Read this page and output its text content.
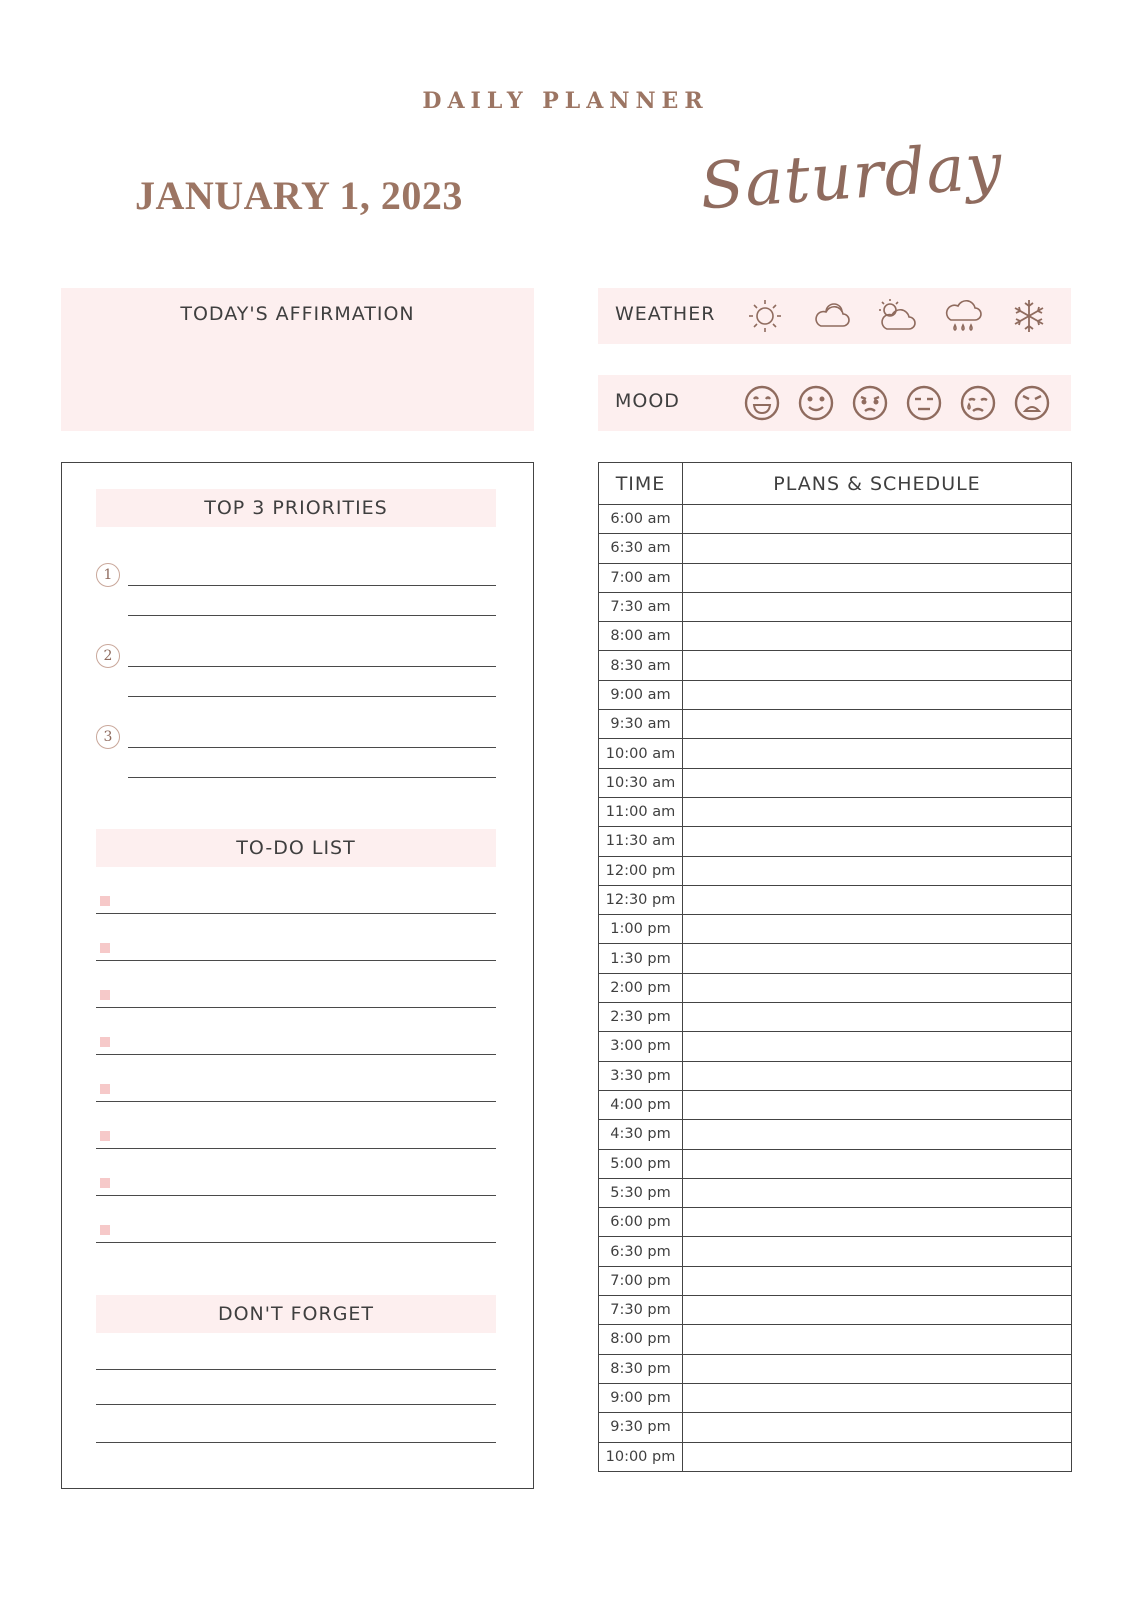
DAILY PLANNER
JANUARY 1, 2023	Saturday
TODAY'S AFFIRMATION	WEATHER
MOOD
TOP 3 PRIORITIES
1
2
3
TO-DO LIST
DON'T FORGET
TIME	PLANS & SCHEDULE
6:00 am	
6:30 am	
7:00 am	
7:30 am	
8:00 am	
8:30 am	
9:00 am	
9:30 am	
10:00 am	
10:30 am	
11:00 am	
11:30 am	
12:00 pm	
12:30 pm	
1:00 pm	
1:30 pm	
2:00 pm	
2:30 pm	
3:00 pm	
3:30 pm	
4:00 pm	
4:30 pm	
5:00 pm	
5:30 pm	
6:00 pm	
6:30 pm	
7:00 pm	
7:30 pm	
8:00 pm	
8:30 pm	
9:00 pm	
9:30 pm	
10:00 pm	
